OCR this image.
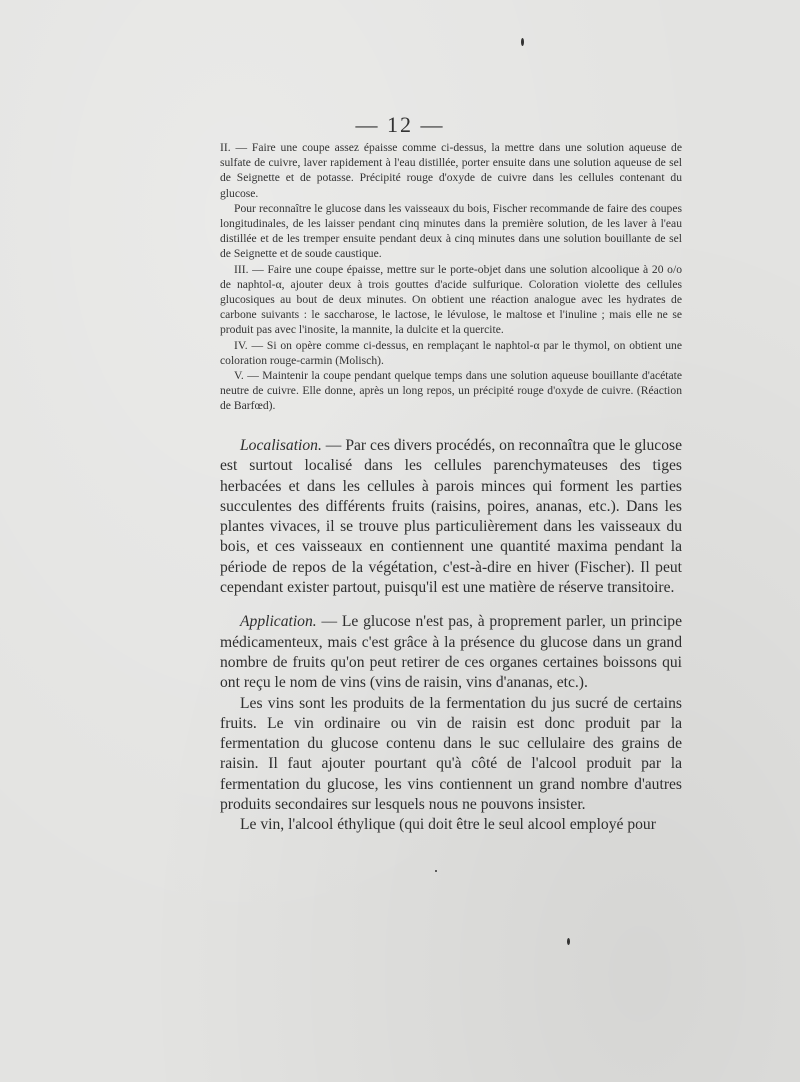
— 12 —

II. — Faire une coupe assez épaisse comme ci-dessus, la mettre dans une solution aqueuse de sulfate de cuivre, laver rapidement à l'eau distillée, porter ensuite dans une solution aqueuse de sel de Seignette et de potasse. Précipité rouge d'oxyde de cuivre dans les cellules contenant du glucose.

Pour reconnaître le glucose dans les vaisseaux du bois, Fischer recommande de faire des coupes longitudinales, de les laisser pendant cinq minutes dans la première solution, de les laver à l'eau distillée et de les tremper ensuite pendant deux à cinq minutes dans une solution bouillante de sel de Seignette et de soude caustique.

III. — Faire une coupe épaisse, mettre sur le porte-objet dans une solution alcoolique à 20 o/o de naphtol-α, ajouter deux à trois gouttes d'acide sulfurique. Coloration violette des cellules glucosiques au bout de deux minutes. On obtient une réaction analogue avec les hydrates de carbone suivants : le saccharose, le lactose, le lévulose, le maltose et l'inuline ; mais elle ne se produit pas avec l'inosite, la mannite, la dulcite et la quercite.

IV. — Si on opère comme ci-dessus, en remplaçant le naphtol-α par le thymol, on obtient une coloration rouge-carmin (Molisch).

V. — Maintenir la coupe pendant quelque temps dans une solution aqueuse bouillante d'acétate neutre de cuivre. Elle donne, après un long repos, un précipité rouge d'oxyde de cuivre. (Réaction de Barfœd).

Localisation. — Par ces divers procédés, on reconnaîtra que le glucose est surtout localisé dans les cellules parenchymateuses des tiges herbacées et dans les cellules à parois minces qui forment les parties succulentes des différents fruits (raisins, poires, ananas, etc.). Dans les plantes vivaces, il se trouve plus particulièrement dans les vaisseaux du bois, et ces vaisseaux en contiennent une quantité maxima pendant la période de repos de la végétation, c'est-à-dire en hiver (Fischer). Il peut cependant exister partout, puisqu'il est une matière de réserve transitoire.

Application. — Le glucose n'est pas, à proprement parler, un principe médicamenteux, mais c'est grâce à la présence du glucose dans un grand nombre de fruits qu'on peut retirer de ces organes certaines boissons qui ont reçu le nom de vins (vins de raisin, vins d'ananas, etc.).

Les vins sont les produits de la fermentation du jus sucré de certains fruits. Le vin ordinaire ou vin de raisin est donc produit par la fermentation du glucose contenu dans le suc cellulaire des grains de raisin. Il faut ajouter pourtant qu'à côté de l'alcool produit par la fermentation du glucose, les vins contiennent un grand nombre d'autres produits secondaires sur lesquels nous ne pouvons insister.

Le vin, l'alcool éthylique (qui doit être le seul alcool employé pour
